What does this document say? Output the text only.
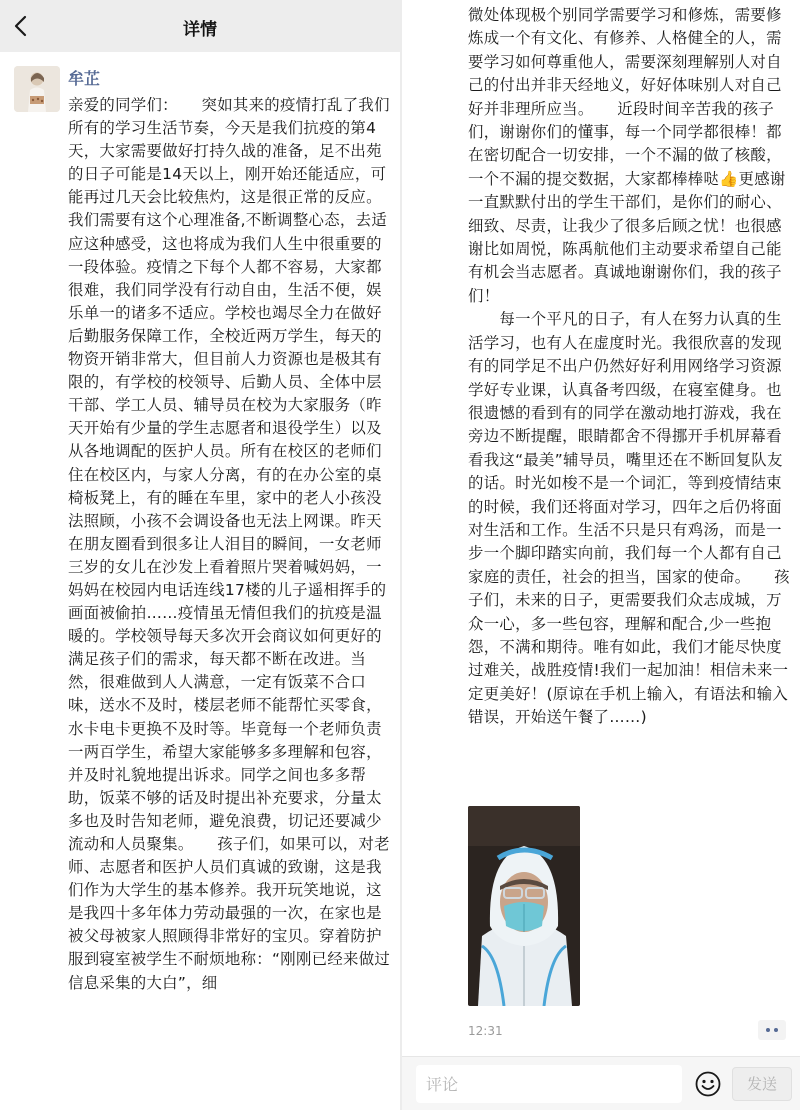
详情
牟芷
亲爱的同学们：　　突如其来的疫情打乱了我们所有的学习生活节奏，今天是我们抗疫的第4天，大家需要做好打持久战的准备，足不出苑的日子可能是14天以上，刚开始还能适应，可能再过几天会比较焦灼，这是很正常的反应。我们需要有这个心理准备,不断调整心态，去适应这种感受，这也将成为我们人生中很重要的一段体验。疫情之下每个人都不容易，大家都很难，我们同学没有行动自由，生活不便，娱乐单一的诸多不适应。学校也竭尽全力在做好后勤服务保障工作，全校近两万学生，每天的物资开销非常大，但目前人力资源也是极其有限的，有学校的校领导、后勤人员、全体中层干部、学工人员、辅导员在校为大家服务（昨天开始有少量的学生志愿者和退役学生）以及从各地调配的医护人员。所有在校区的老师们住在校区内，与家人分离，有的在办公室的桌椅板凳上，有的睡在车里，家中的老人小孩没法照顾，小孩不会调设备也无法上网课。昨天在朋友圈看到很多让人泪目的瞬间，一女老师三岁的女儿在沙发上看着照片哭着喊妈妈，一妈妈在校园内电话连线17楼的儿子遥相挥手的画面被偷拍……疫情虽无情但我们的抗疫是温暖的。学校领导每天多次开会商议如何更好的满足孩子们的需求，每天都不断在改进。当然，很难做到人人满意，一定有饭菜不合口味，送水不及时，楼层老师不能帮忙买零食，水卡电卡更换不及时等。毕竟每一个老师负责一两百学生，希望大家能够多多理解和包容，并及时礼貌地提出诉求。同学之间也多多帮助，饭菜不够的话及时提出补充要求，分量太多也及时告知老师，避免浪费，切记还要减少流动和人员聚集。　　孩子们，如果可以，对老师、志愿者和医护人员们真诚的致谢，这是我们作为大学生的基本修养。我开玩笑地说，这是我四十多年体力劳动最强的一次，在家也是被父母被家人照顾得非常好的宝贝。穿着防护服到寝室被学生不耐烦地称：“刚刚已经来做过信息采集的大白”，细
微处体现极个别同学需要学习和修炼，需要修炼成一个有文化、有修养、人格健全的人，需要学习如何尊重他人，需要深刻理解别人对自己的付出并非天经地义，好好体味别人对自己好并非理所应当。　　近段时间辛苦我的孩子们，谢谢你们的懂事，每一个同学都很棒！都在密切配合一切安排，一个不漏的做了核酸，一个不漏的提交数据，大家都棒棒哒👍更感谢一直默默付出的学生干部们，是你们的耐心、细致、尽责，让我少了很多后顾之忧！也很感谢比如周悦，陈禹航他们主动要求希望自己能有机会当志愿者。真诚地谢谢你们，我的孩子们！
　　每一个平凡的日子，有人在努力认真的生活学习，也有人在虚度时光。我很欣喜的发现有的同学足不出户仍然好好利用网络学习资源学好专业课，认真备考四级，在寝室健身。也很遗憾的看到有的同学在激动地打游戏，我在旁边不断提醒，眼睛都舍不得挪开手机屏幕看看我这“最美”辅导员，嘴里还在不断回复队友的话。时光如梭不是一个词汇，等到疫情结束的时候，我们还将面对学习，四年之后仍将面对生活和工作。生活不只是只有鸡汤，而是一步一个脚印踏实向前，我们每一个人都有自己家庭的责任，社会的担当，国家的使命。　　孩子们，未来的日子，更需要我们众志成城，万众一心，多一些包容，理解和配合,少一些抱怨，不满和期待。唯有如此，我们才能尽快度过难关，战胜疫情!我们一起加油！相信未来一定更美好！(原谅在手机上输入，有语法和输入错误，开始送午餐了……)
12:31
评论
发送
